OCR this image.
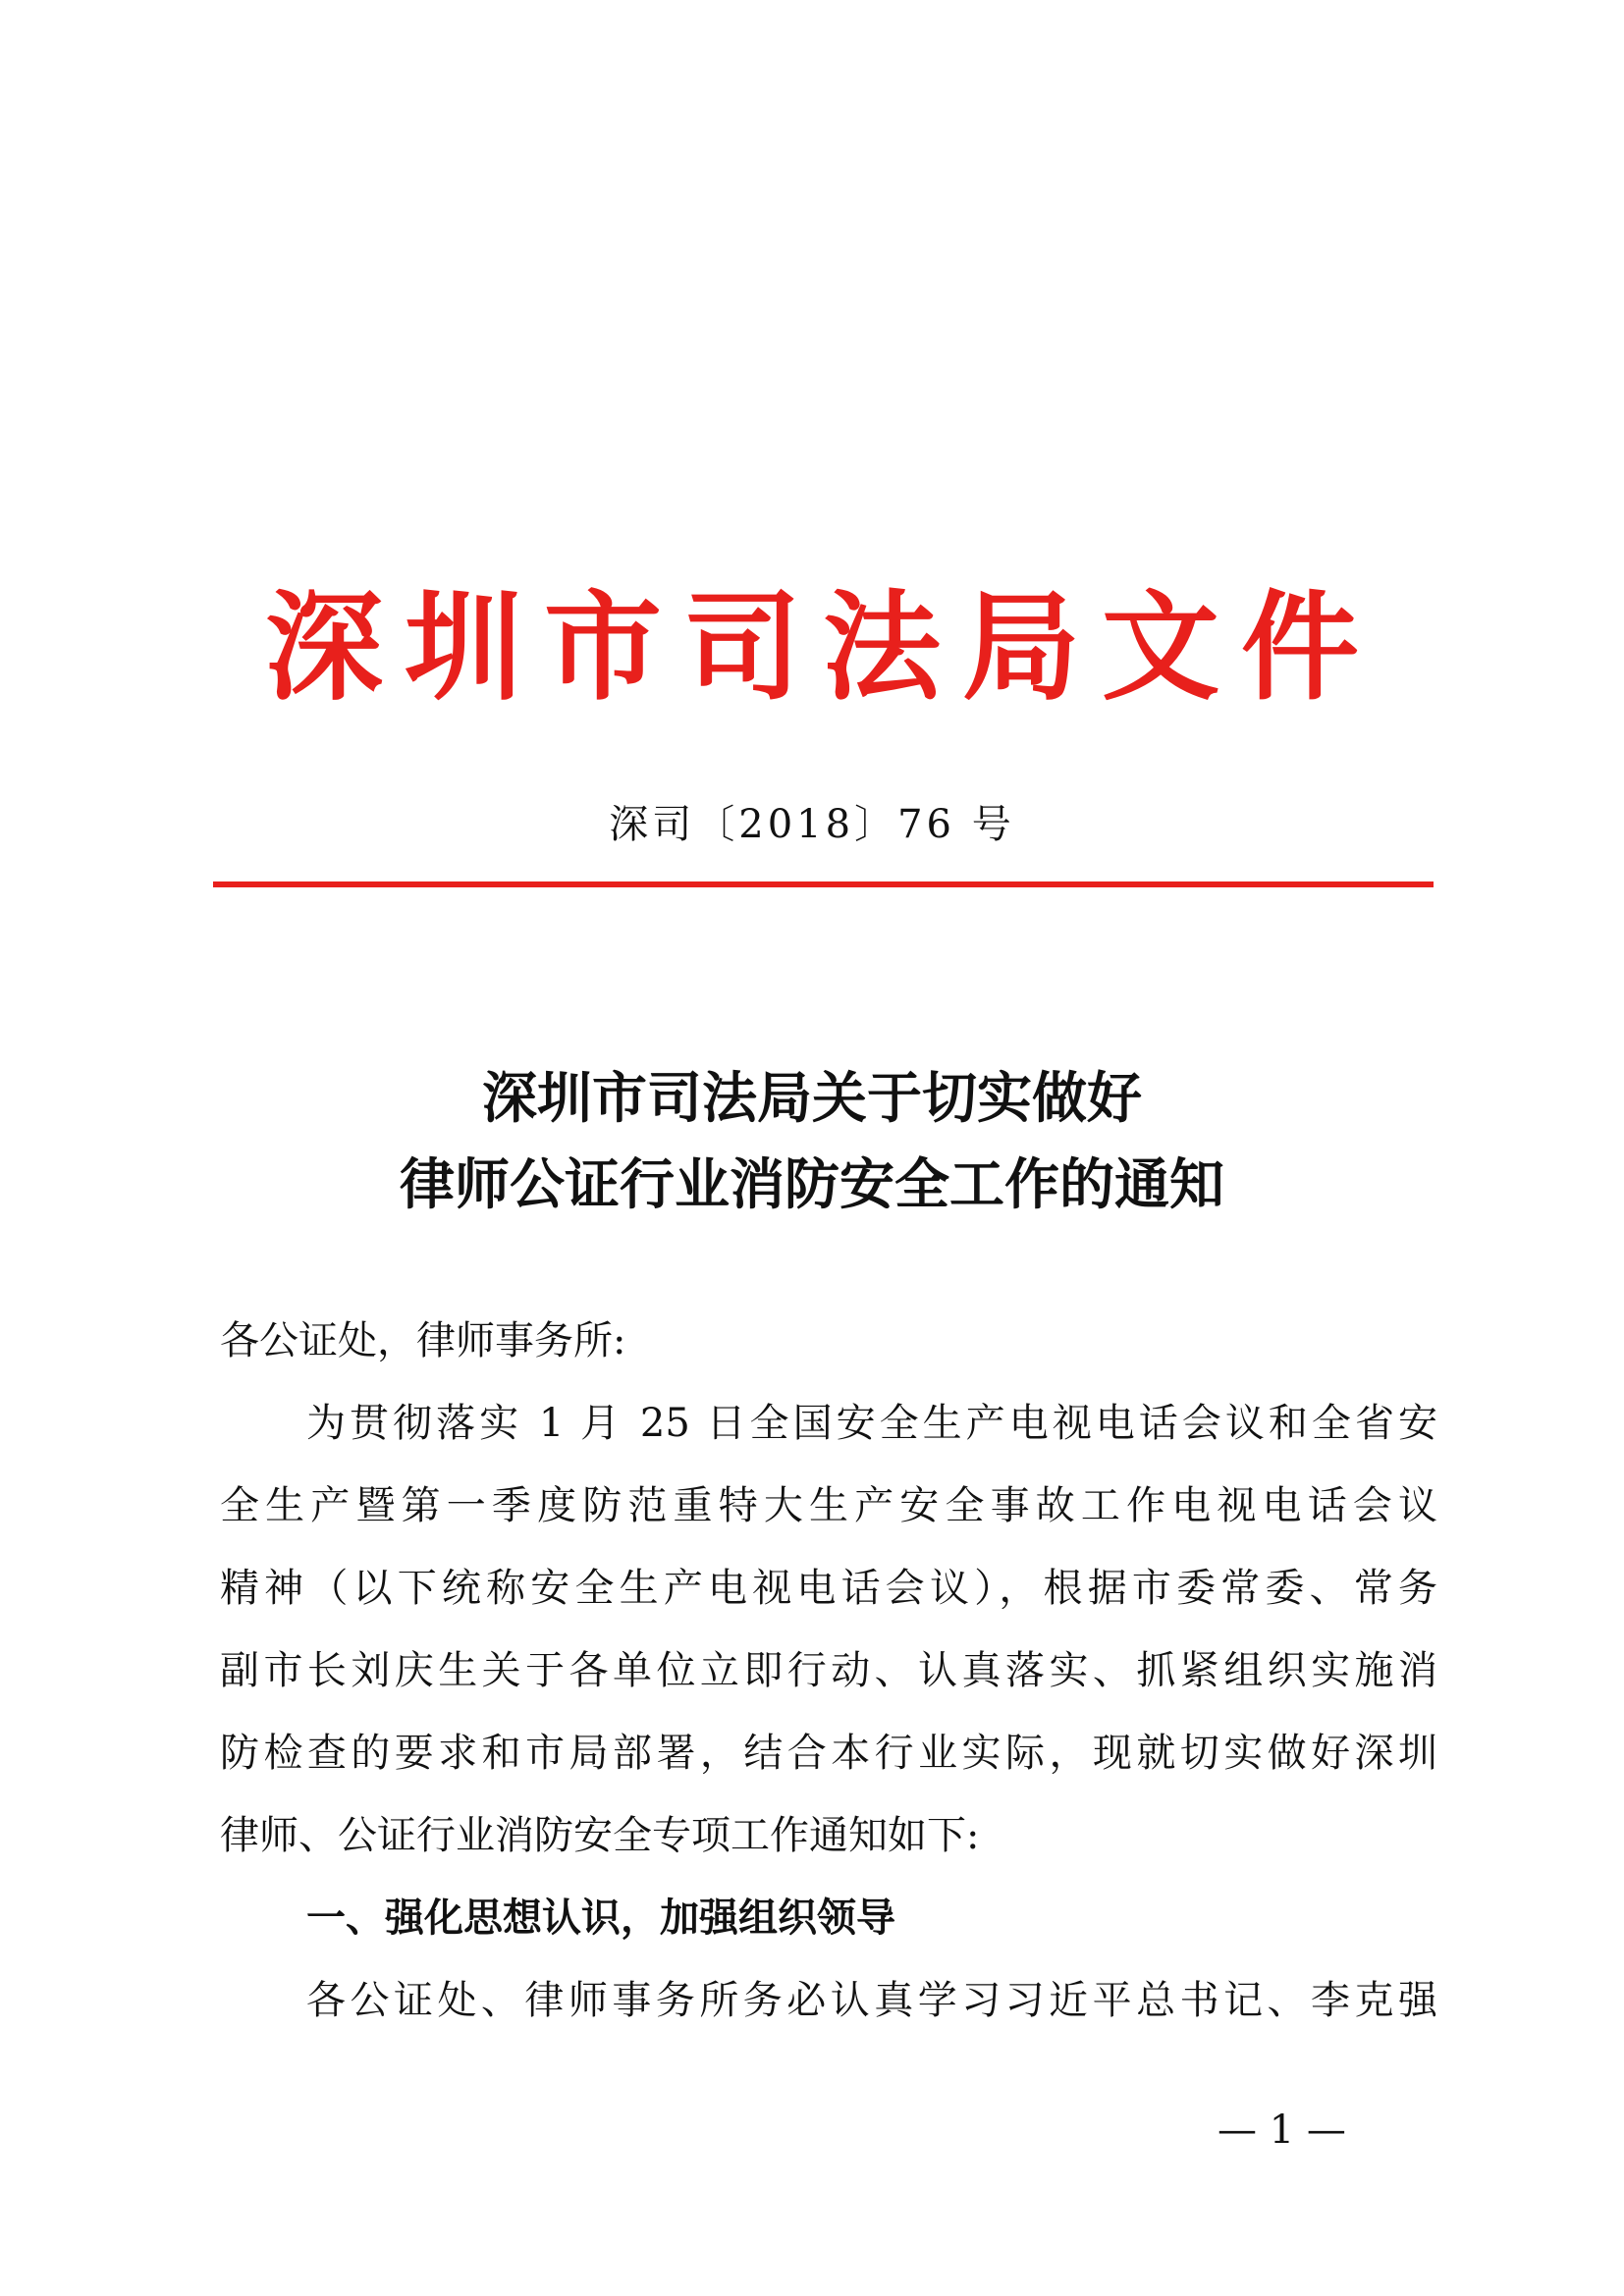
深圳市司法局文件
深司〔2018〕76 号
深圳市司法局关于切实做好
律师公证行业消防安全工作的通知
各公证处，律师事务所:
为贯彻落实 1 月 25 日全国安全生产电视电话会议和全省安
全生产暨第一季度防范重特大生产安全事故工作电视电话会议
精神（以下统称安全生产电视电话会议），根据市委常委、常务
副市长刘庆生关于各单位立即行动、认真落实、抓紧组织实施消
防检查的要求和市局部署，结合本行业实际，现就切实做好深圳
律师、公证行业消防安全专项工作通知如下:
一、强化思想认识，加强组织领导
各公证处、律师事务所务必认真学习习近平总书记、李克强
— 1 —
